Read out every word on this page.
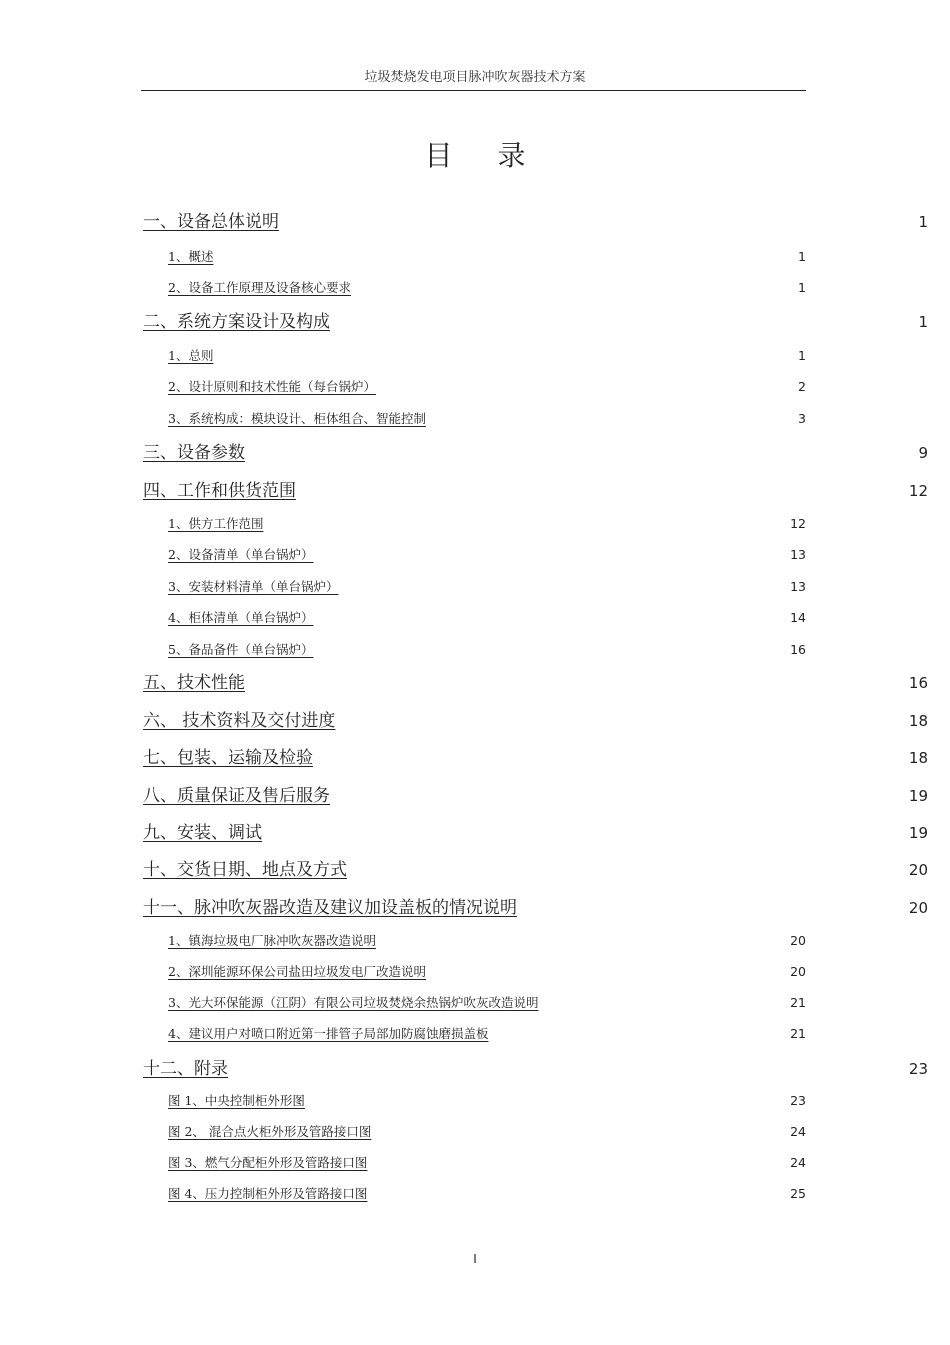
垃圾焚烧发电项目脉冲吹灰器技术方案
目 录
一、设备总体说明	1
1、概述	1
2、设备工作原理及设备核心要求	1
二、系统方案设计及构成	1
1、总则	1
2、设计原则和技术性能（每台锅炉）	2
3、系统构成：模块设计、柜体组合、智能控制	3
三、设备参数	9
四、工作和供货范围	12
1、供方工作范围	12
2、设备清单（单台锅炉）	13
3、安装材料清单（单台锅炉）	13
4、柜体清单（单台锅炉）	14
5、备品备件（单台锅炉）	16
五、技术性能	16
六、 技术资料及交付进度	18
七、包装、运输及检验	18
八、质量保证及售后服务	19
九、安装、调试	19
十、交货日期、地点及方式	20
十一、脉冲吹灰器改造及建议加设盖板的情况说明	20
1、镇海垃圾电厂脉冲吹灰器改造说明	20
2、深圳能源环保公司盐田垃圾发电厂改造说明	20
3、光大环保能源（江阴）有限公司垃圾焚烧余热锅炉吹灰改造说明	21
4、建议用户对喷口附近第一排管子局部加防腐蚀磨损盖板	21
十二、附录	23
图 1、中央控制柜外形图	23
图 2、 混合点火柜外形及管路接口图	24
图 3、燃气分配柜外形及管路接口图	24
图 4、压力控制柜外形及管路接口图	25
I
